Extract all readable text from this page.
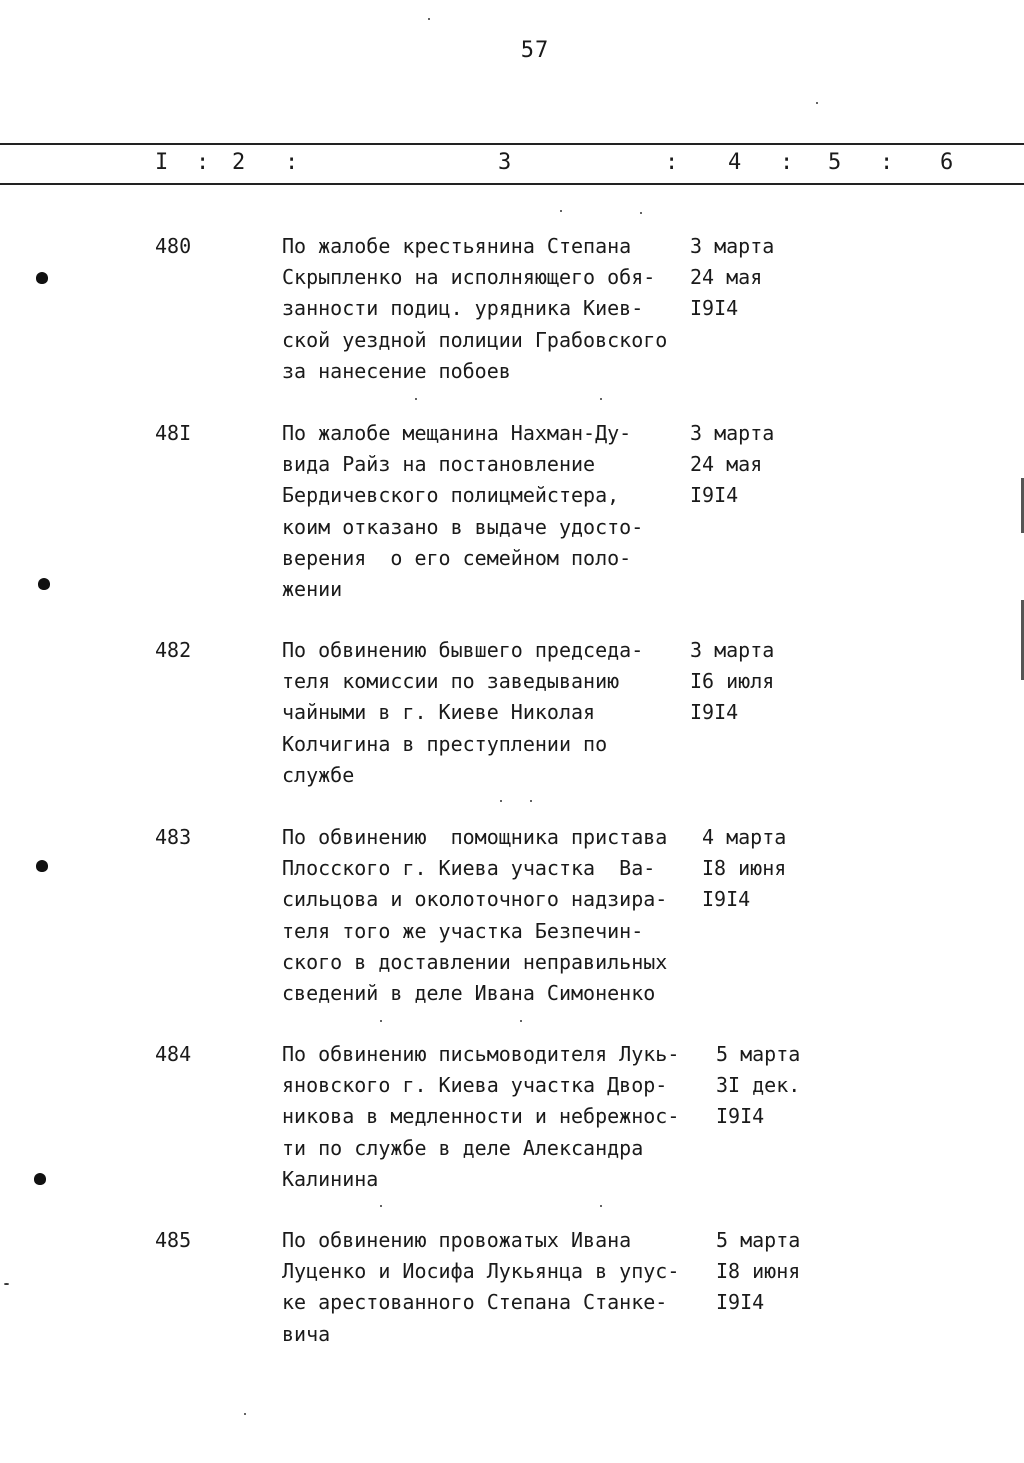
57
I : 2 :	3	: 4 : 5 : 6
480	По жалобе крестьянина Степана
Скрыпленко на исполняющего обя-
занности подиц. урядника Киев-
ской уездной полиции Грабовского
за нанесение побоев
3 марта
24 мая
I9I4
48I	По жалобе мещанина Нахман-Ду-
вида Райз на постановление
Бердичевского полицмейстера,
коим отказано в выдаче удосто-
верения  о его семейном поло-
жении
3 марта
24 мая
I9I4
482	По обвинению бывшего председа-
теля комиссии по заведыванию
чайными в г. Киеве Николая
Колчигина в преступлении по
службе
3 марта
I6 июля
I9I4
483	По обвинению  помощника пристава
Плосского г. Киева участка  Ва-
сильцова и околоточного надзира-
теля того же участка Безпечин-
ского в доставлении неправильных
сведений в деле Ивана Симоненко
4 марта
I8 июня
I9I4
484	По обвинению письмоводителя Лукь-
яновского г. Киева участка Двор-
никова в медленности и небрежнос-
ти по службе в деле Александра
Калинина
5 марта
3I дек.
I9I4
485	По обвинению провожатых Ивана
Луценко и Иосифа Лукьянца в упус-
ке арестованного Степана Станке-
вича
5 марта
I8 июня
I9I4
